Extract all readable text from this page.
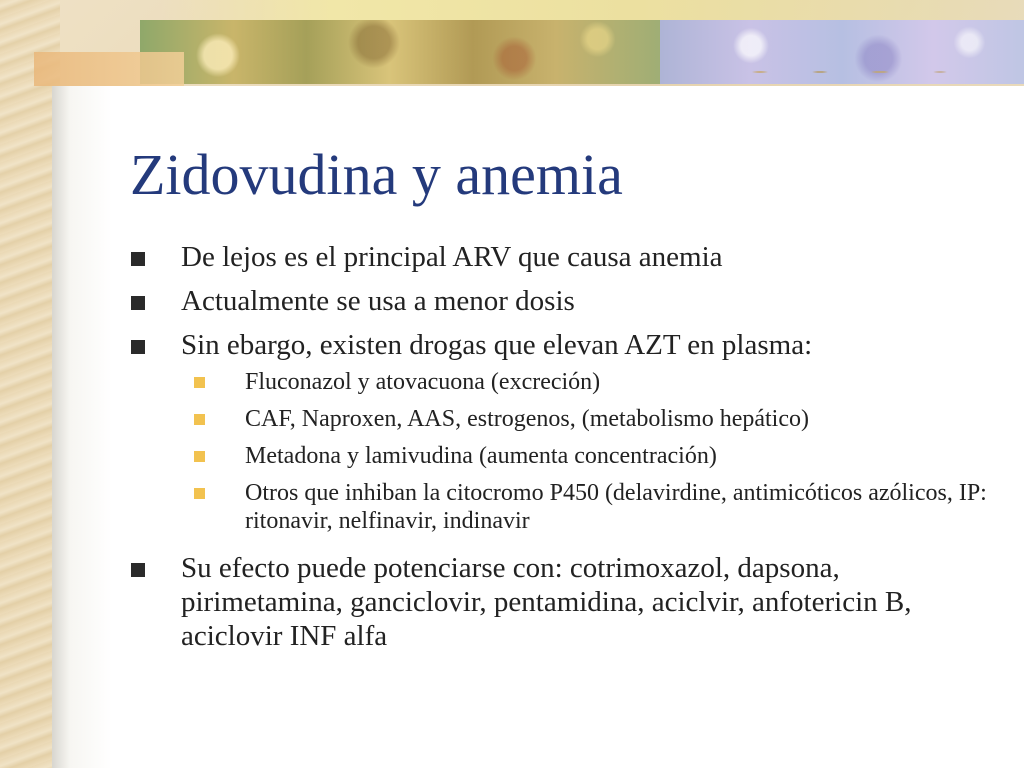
Zidovudina y anemia
De lejos es el principal ARV que causa anemia
Actualmente se usa a menor dosis
Sin ebargo, existen drogas que elevan AZT en plasma:
Fluconazol y atovacuona (excreción)
CAF, Naproxen, AAS, estrogenos, (metabolismo hepático)
Metadona y lamivudina (aumenta concentración)
Otros que inhiban la citocromo P450 (delavirdine, antimicóticos azólicos, IP: ritonavir, nelfinavir, indinavir
Su efecto puede potenciarse con: cotrimoxazol, dapsona, pirimetamina, ganciclovir, pentamidina, aciclvir, anfotericin B, aciclovir INF alfa
